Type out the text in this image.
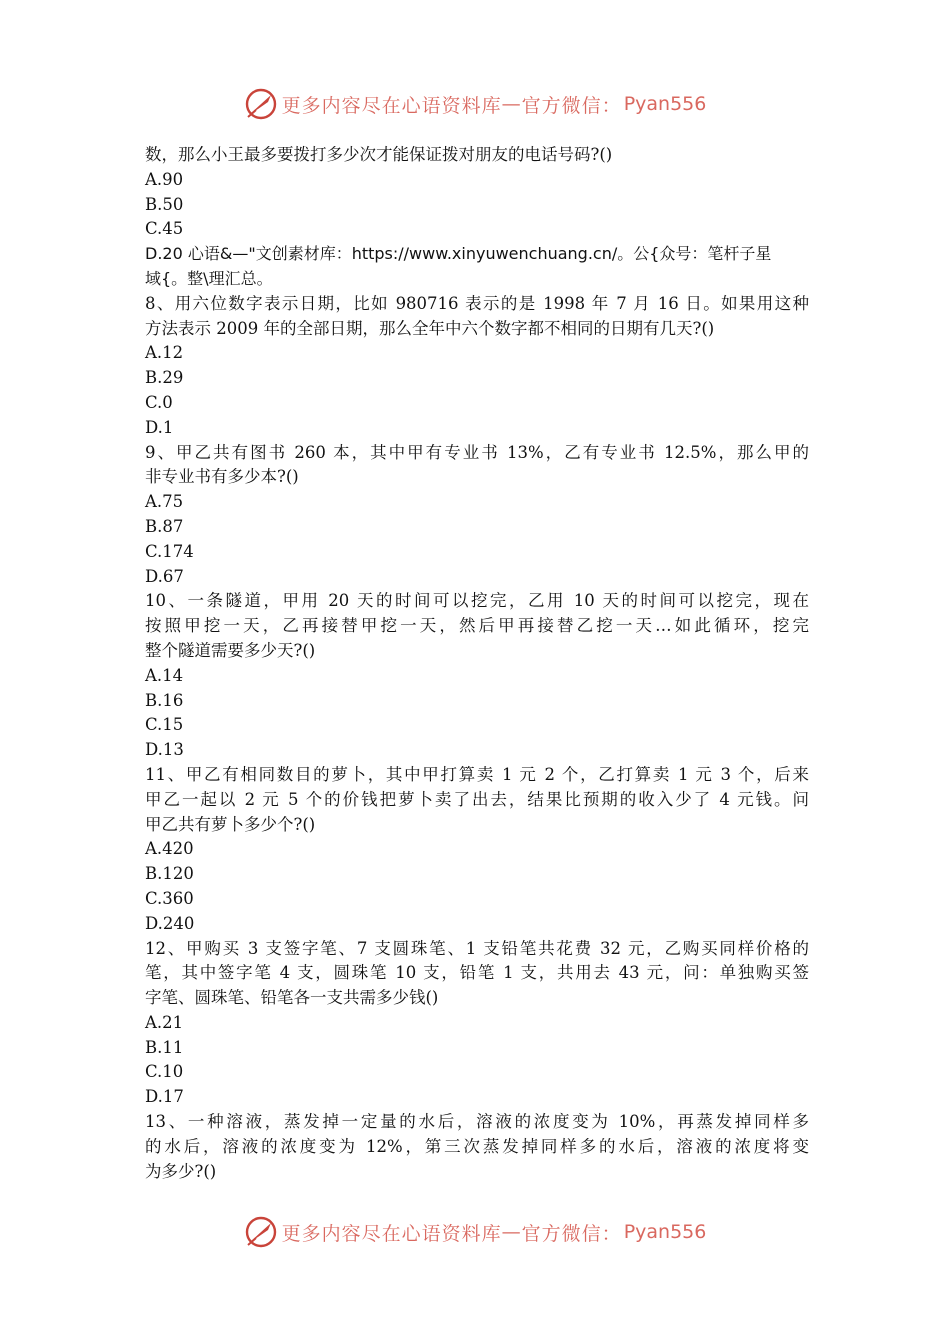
更多内容尽在心语资料库 — 官方微信： Pyan556
数，那么小王最多要拨打多少次才能保证拨对朋友的电话号码?()
A.90
B.50
C.45
D.20 心语&—"文创素材库：https://www.xinyuwenchuang.cn/。公{众号：笔杆子星
域{。整\理汇总。
8、用六位数字表示日期，比如 980716 表示的是 1998 年 7 月 16 日。如果用这种
方法表示 2009 年的全部日期，那么全年中六个数字都不相同的日期有几天?()
A.12
B.29
C.0
D.1
9、甲乙共有图书 260 本，其中甲有专业书 13%，乙有专业书 12.5%，那么甲的
非专业书有多少本?()
A.75
B.87
C.174
D.67
10、一条隧道，甲用 20 天的时间可以挖完，乙用 10 天的时间可以挖完，现在
按照甲挖一天，乙再接替甲挖一天，然后甲再接替乙挖一天…如此循环，挖完
整个隧道需要多少天?()
A.14
B.16
C.15
D.13
11、甲乙有相同数目的萝卜，其中甲打算卖 1 元 2 个，乙打算卖 1 元 3 个，后来
甲乙一起以 2 元 5 个的价钱把萝卜卖了出去，结果比预期的收入少了 4 元钱。问
甲乙共有萝卜多少个?()
A.420
B.120
C.360
D.240
12、甲购买 3 支签字笔、7 支圆珠笔、1 支铅笔共花费 32 元，乙购买同样价格的
笔，其中签字笔 4 支，圆珠笔 10 支，铅笔 1 支，共用去 43 元，问：单独购买签
字笔、圆珠笔、铅笔各一支共需多少钱()
A.21
B.11
C.10
D.17
13、一种溶液，蒸发掉一定量的水后，溶液的浓度变为 10%，再蒸发掉同样多
的水后，溶液的浓度变为 12%，第三次蒸发掉同样多的水后，溶液的浓度将变
为多少?()
更多内容尽在心语资料库 — 官方微信： Pyan556
